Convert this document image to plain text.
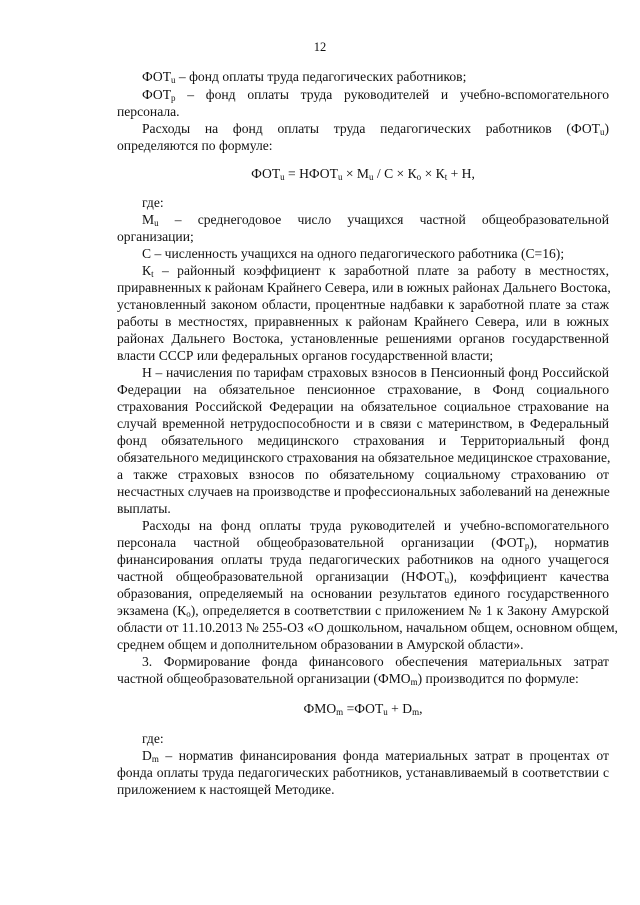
12
$ФОТ_u$ – фонд оплаты труда педагогических работников;
$ФОТ_р$   –   фонд   оплаты   труда   руководителей   и   учебно-вспомогательного
персонала.
Расходы на фонд оплаты труда педагогических работников $(ФОТ_u)$
определяются по формуле:
$ФОТ_u$ = $НФОТ_u \times М_u / С \times К_о \times К_t + Н$,
где:
$М_u$ – среднегодовое число учащихся частной общеобразовательной
организации;
С – численность учащихся на одного педагогического работника (С=16);
$К_t$ – районный коэффициент к заработной плате за работу в местностях,
приравненных к районам Крайнего Севера, или в южных районах Дальнего Востока,
установленный законом области, процентные надбавки к заработной плате за стаж
работы в местностях, приравненных к районам Крайнего Севера, или в южных
районах Дальнего Востока, установленные решениями органов государственной
власти СССР или федеральных органов государственной власти;
Н – начисления по тарифам страховых взносов в Пенсионный фонд Российской
Федерации на обязательное пенсионное страхование, в Фонд социального
страхования Российской Федерации на обязательное социальное страхование на
случай временной нетрудоспособности и в связи с материнством, в Федеральный
фонд обязательного медицинского страхования и Территориальный фонд
обязательного медицинского страхования на обязательное медицинское страхование,
а также страховых взносов по обязательному социальному страхованию от
несчастных случаев на производстве и профессиональных заболеваний на денежные
выплаты.
Расходы на фонд оплаты труда руководителей и учебно-вспомогательного
персонала частной общеобразовательной организации $(ФОТ_р)$, норматив
финансирования оплаты труда педагогических работников на одного учащегося
частной общеобразовательной организации $(НФОТ_u)$, коэффициент качества
образования, определяемый на основании результатов единого государственного
экзамена $(К_о)$, определяется в соответствии с приложением № 1 к Закону Амурской
области от 11.10.2013 № 255-ОЗ «О дошкольном, начальном общем, основном общем,
среднем общем и дополнительном образовании в Амурской области».
3. Формирование фонда финансового обеспечения материальных затрат
частной общеобразовательной организации $(ФМО_m)$ производится по формуле:
$ФМО_m =ФОТ_u + D_m$,
где:
$D_m$ – норматив финансирования фонда материальных затрат в процентах от
фонда оплаты труда педагогических работников, устанавливаемый в соответствии с
приложением к настоящей Методике.
